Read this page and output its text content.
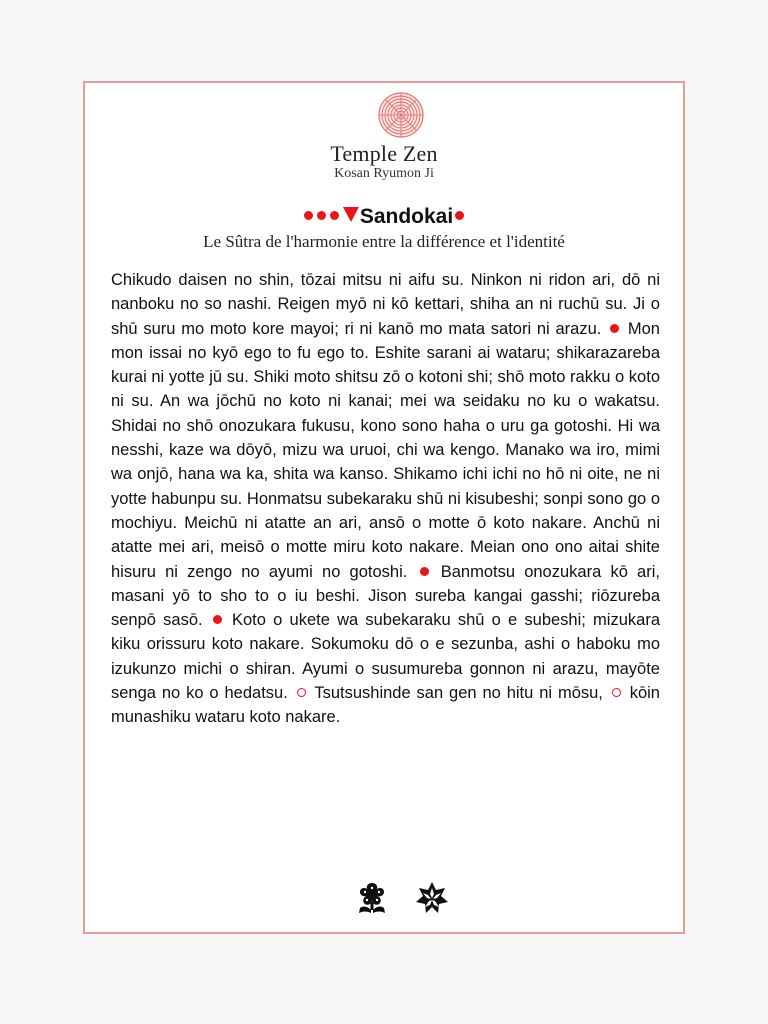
Temple Zen
Kosan Ryumon Ji
Sandokai
Le Sûtra de l'harmonie entre la différence et l'identité
Chikudo daisen no shin, tōzai mitsu ni aifu su. Ninkon ni ridon ari, dō ni nanboku no so nashi. Reigen myō ni kō kettari, shiha an ni ruchū su. Ji o shū suru mo moto kore mayoi; ri ni kanō mo mata satori ni arazu. Mon mon issai no kyō ego to fu ego to. Eshite sarani ai wataru; shikarazareba kurai ni yotte jū su. Shiki moto shitsu zō o kotoni shi; shō moto rakku o koto ni su. An wa jōchū no koto ni kanai; mei wa seidaku no ku o wakatsu. Shidai no shō onozukara fukusu, kono sono haha o uru ga gotoshi. Hi wa nesshi, kaze wa dōyō, mizu wa uruoi, chi wa kengo. Manako wa iro, mimi wa onjō, hana wa ka, shita wa kanso. Shikamo ichi ichi no hō ni oite, ne ni yotte habunpu su. Honmatsu subekaraku shū ni kisubeshi; sonpi sono go o mochiyu. Meichū ni atatte an ari, ansō o motte ō koto nakare. Anchū ni atatte mei ari, meisō o motte miru koto nakare. Meian ono ono aitai shite hisuru ni zengo no ayumi no gotoshi. Banmotsu onozukara kō ari, masani yō to sho to o iu beshi. Jison sureba kangai gasshi; riōzureba senpō sasō. Koto o ukete wa subekaraku shū o e subeshi; mizukara kiku orissuru koto nakare. Sokumoku dō o e sezunba, ashi o haboku mo izukunzo michi o shiran. Ayumi o susumureba gonnon ni arazu, mayōte senga no ko o hedatsu. Tsutsushinde san gen no hitu ni mōsu, kōin munashiku wataru koto nakare.
